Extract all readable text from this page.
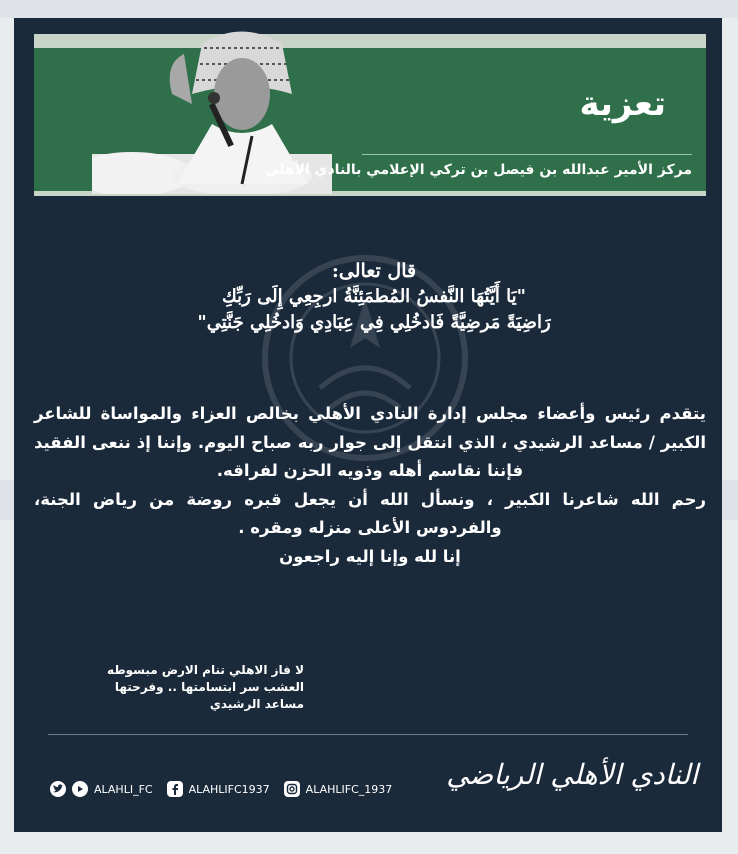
تعزية
مركز الأمير عبدالله بن فيصل بن تركي الإعلامي بالنادي الأهلي
قال تعالى:
"يَا أَيَّتُهَا النَّفسُ المُطمَئِنَّةُ ارجِعِي إِلَى رَبِّكِ
رَاضِيَةً مَرضِيَّةً فَادخُلِي فِي عِبَادِي وَادخُلِي جَنَّتِي"

يتقدم رئيس وأعضاء مجلس إدارة النادي الأهلي بخالص العزاء والمواساة للشاعر الكبير / مساعد الرشيدي ، الذي انتقل إلى جوار ربه صباح اليوم. وإننا إذ ننعى الفقيد فإننا نقاسم أهله وذويه الحزن لفراقه.

رحم الله شاعرنا الكبير ، ونسأل الله أن يجعل قبره روضة من رياض الجنة، والفردوس الأعلى منزله ومقره .

إنا لله وإنا إليه راجعون

لا فاز الاهلي تنام الارض مبسوطه
العشب سر ابتسامتها .. وفرحتها
مساعد الرشيدي
ALAHLI_FC	ALAHLIFC1937	ALAHLIFC_1937 النادي الأهلي الرياضي
